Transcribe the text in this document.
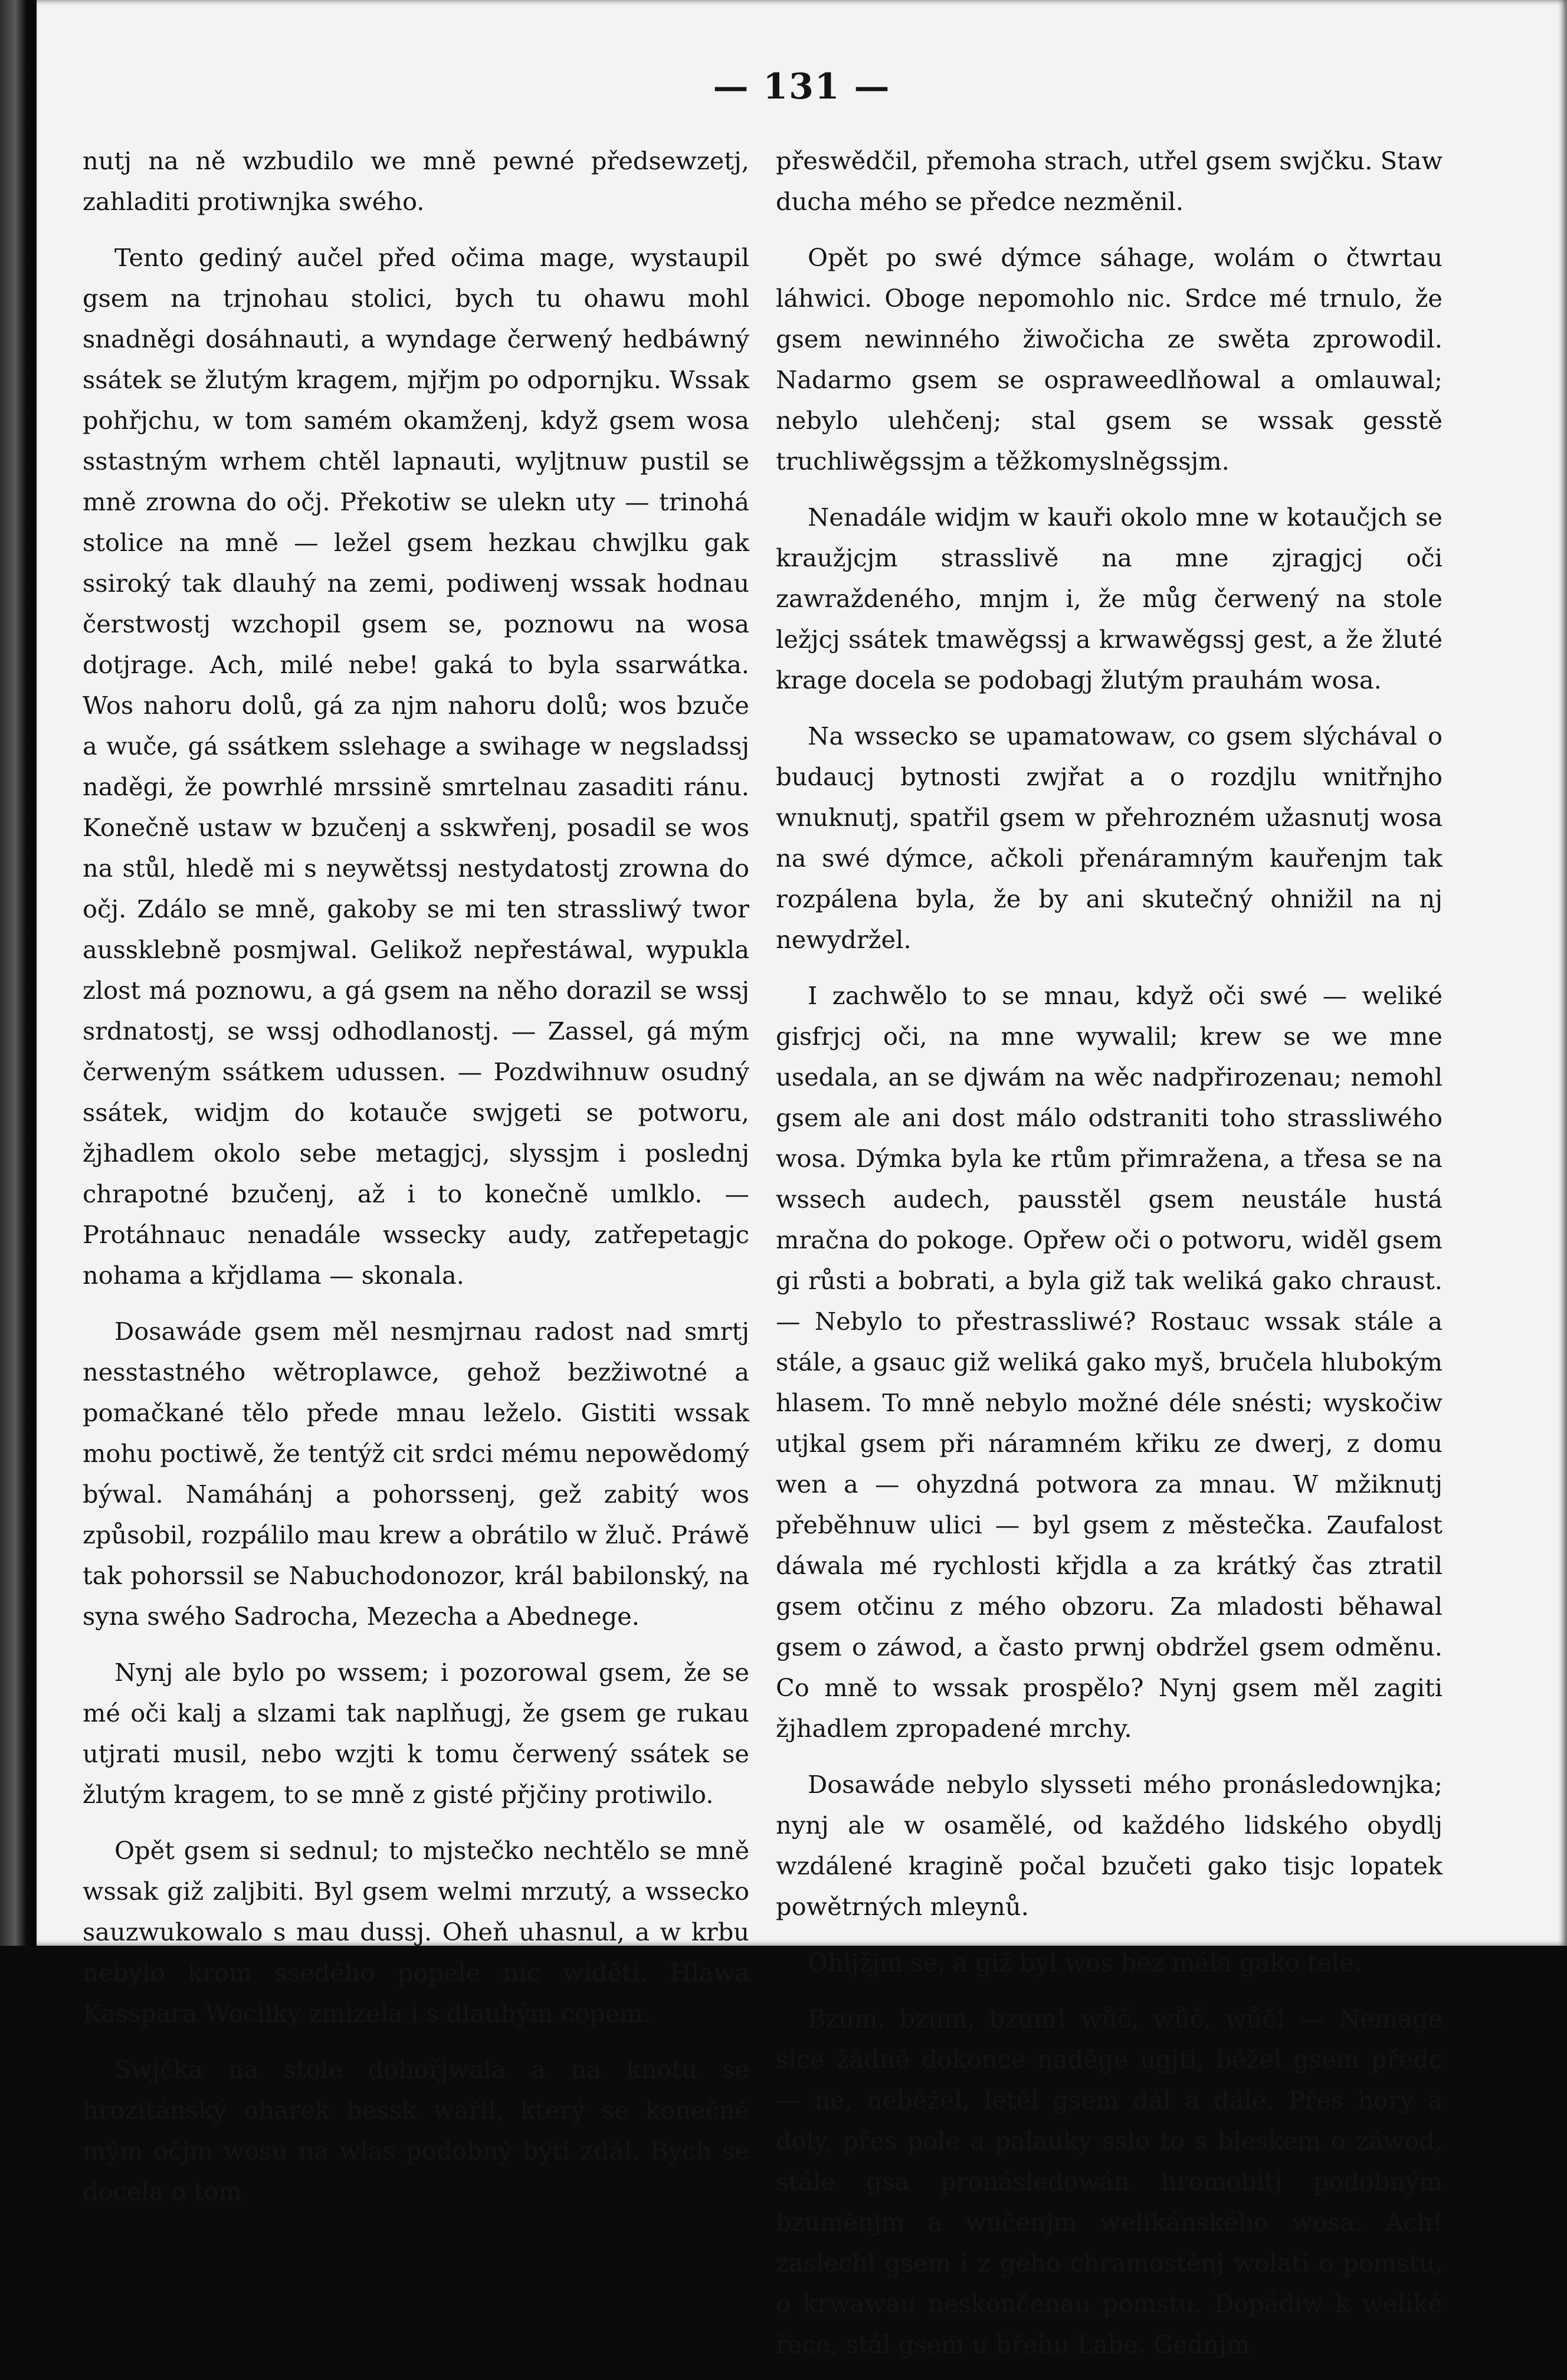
— 131 —

nutj na ně wzbudilo we mně pewné předsewzetj, zahladiti protiwnjka swého.

Tento gediný aučel před očima mage, wystaupil gsem na trjnohau stolici, bych tu ohawu mohl snadněgi dosáhnauti, a wyndage čerwený hedbáwný ssátek se žlutým kragem, mjřjm po odpornjku. Wssak pohřjchu, w tom samém okamženj, když gsem wosa sstastným wrhem chtěl lapnauti, wyljtnuw pustil se mně zrowna do očj. Překotiw se ulekn uty — trinohá stolice na mně — ležel gsem hezkau chwjlku gak ssiroký tak dlauhý na zemi, podiwenj wssak hodnau čerstwostj wzchopil gsem se, poznowu na wosa dotjrage. Ach, milé nebe! gaká to byla ssarwátka. Wos nahoru dolů, gá za njm nahoru dolů; wos bzuče a wuče, gá ssátkem sslehage a swihage w negsladssj naděgi, že powrhlé mrssině smrtelnau zasaditi ránu. Konečně ustaw w bzučenj a sskwřenj, posadil se wos na stůl, hledě mi s neywětssj nestydatostj zrowna do očj. Zdálo se mně, gakoby se mi ten strassliwý twor aussklebně posmjwal. Gelikož nepřestáwal, wypukla zlost má poznowu, a gá gsem na něho dorazil se wssj srdnatostj, se wssj odhodlanostj. — Zassel, gá mým čerweným ssátkem udussen. — Pozdwihnuw osudný ssátek, widjm do kotauče swjgeti se potworu, žjhadlem okolo sebe metagjcj, slyssjm i poslednj chrapotné bzučenj, až i to konečně umlklo. — Protáhnauc nenadále wssecky audy, zatřepetagjc nohama a křjdlama — skonala.

Dosawáde gsem měl nesmjrnau radost nad smrtj nesstastného wětroplawce, gehož bezžiwotné a pomačkané tělo přede mnau leželo. Gistiti wssak mohu poctiwě, že tentýž cit srdci mému nepowědomý býwal. Namáhánj a pohorssenj, gež zabitý wos způsobil, rozpálilo mau krew a obrátilo w žluč. Práwě tak pohorssil se Nabuchodonozor, král babilonský, na syna swého Sadrocha, Mezecha a Abednege.

Nynj ale bylo po wssem; i pozorowal gsem, že se mé oči kalj a slzami tak naplňugj, že gsem ge rukau utjrati musil, nebo wzjti k tomu čerwený ssátek se žlutým kragem, to se mně z gisté přjčiny protiwilo.

Opět gsem si sednul; to mjstečko nechtělo se mně wssak giž zaljbiti. Byl gsem welmi mrzutý, a wssecko sauzwukowalo s mau dussj. Oheň uhasnul, a w krbu nebylo krom ssedého popele nic widěti. Hlawa Kassparа Wocilky zmizela i s dlauhým copem.

Swjčka na stole dohořjwala a na knotu se hrozitánský oharek bessk wařil, který se konečně mým očjm wosu na wlas podobný býti zdál. Bych se docela o tom

přeswědčil, přemoha strach, utřel gsem swjčku. Staw ducha mého se předce nezměnil.

Opět po swé dýmce sáhage, wolám o čtwrtau láhwici. Oboge nepomohlo nic. Srdce mé trnulo, že gsem newinného žiwočicha ze swěta zprowodil. Nadarmo gsem se ospraweedlňowal a omlauwal; nebylo ulehčenj; stal gsem se wssak gesstě truchliwěgssjm a těžkomyslněgssjm.

Nenadále widjm w kauři okolo mne w kotaučjch se kraužjcjm strasslivě na mne zjragjcj oči zawraždeného, mnjm i, že můg čerwený na stole ležjcj ssátek tmawěgssj a krwawěgssj gest, a že žluté krage docela se podobagj žlutým prauhám wosa.

Na wssecko se upamatowaw, co gsem slýchával o budaucj bytnosti zwjřat a o rozdjlu wnitřnjho wnuknutj, spatřil gsem w přehrozném užasnutj wosa na swé dýmce, ačkoli přenáramným kauřenjm tak rozpálena byla, že by ani skutečný ohnižil na nj newydržel.

I zachwělo to se mnau, když oči swé — weliké gisfrjcj oči, na mne wywalil; krew se we mne usedala, an se djwám na wěc nadpřirozenau; nemohl gsem ale ani dost málo odstraniti toho strassliwého wosa. Dýmka byla ke rtům přimražena, a třesa se na wssech audech, pausstěl gsem neustále hustá mračna do pokoge. Opřew oči o potworu, widěl gsem gi růsti a bobrati, a byla giž tak weliká gako chraust. — Nebylo to přestrassliwé? Rostauc wssak stále a stále, a gsauc giž weliká gako myš, bručela hlubokým hlasem. To mně nebylo možné déle snésti; wyskočiw utjkal gsem při náramném křiku ze dwerj, z domu wen a — ohyzdná potwora za mnau. W mžiknutj přeběhnuw ulici — byl gsem z městečka. Zaufalost dáwala mé rychlosti křjdla a za krátký čas ztratil gsem otčinu z mého obzoru. Za mladosti běhawal gsem o záwod, a často prwnj obdržel gsem odměnu. Co mně to wssak prospělo? Nynj gsem měl zagiti žjhadlem zpropadené mrchy.

Dosawáde nebylo slysseti mého pronásledownjka; nynj ale w osamělé, od každého lidského obydlj wzdálené kragině počal bzučeti gako tisjc lopatek powětrných mleynů.

Ohljžjm se, a giž byl wos bez mála gako tele.

Bzum, bzum, bzum! wůč, wůč, wůč! — Nemage sice žádné dokonce naděge ugjti, běžel gsem předc — ne, neběžel, letěl gsem dál a dále. Přes hory a doly, přes pole a palauky sslo to s bleskem o záwod, stále gsa pronásledowán hromobitj podobným bzuměnjm a wučenjm welikánského wosa. Ach! zaslechl gsem i z geho chramostěnj wolati o pomstu, o krwawau neskončenau pomstu. Dopádiw k weliké řece, stál gsem u břehu Labe. Gednjm
